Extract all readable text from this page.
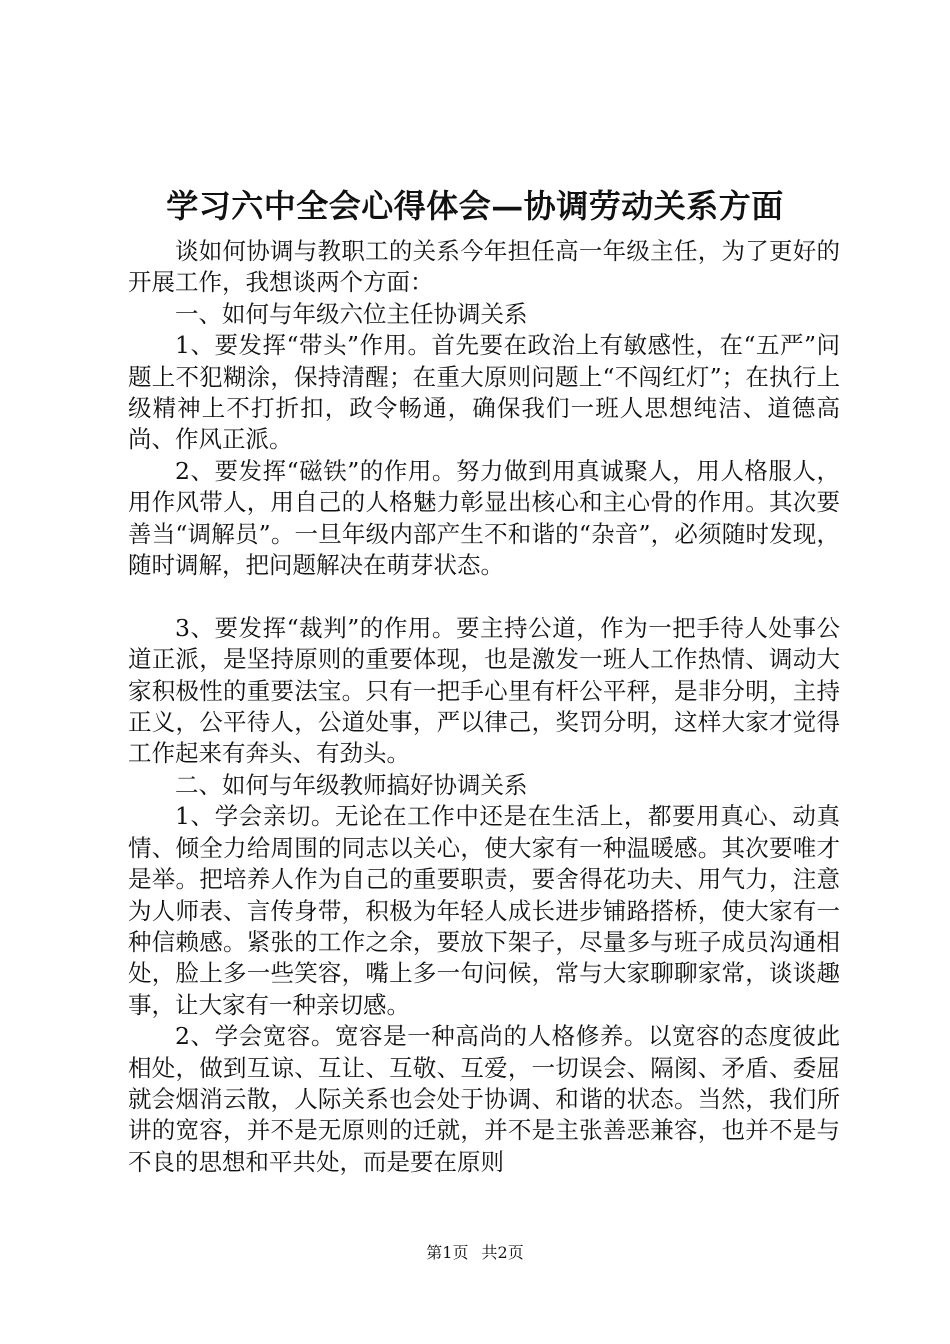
学习六中全会心得体会—协调劳动关系方面

谈如何协调与教职工的关系今年担任高一年级主任，为了更好的开展工作，我想谈两个方面：

一、如何与年级六位主任协调关系

1、要发挥“带头”作用。首先要在政治上有敏感性，在“五严”问题上不犯糊涂，保持清醒；在重大原则问题上“不闯红灯”；在执行上级精神上不打折扣，政令畅通，确保我们一班人思想纯洁、道德高尚、作风正派。

2、要发挥“磁铁”的作用。努力做到用真诚聚人，用人格服人，用作风带人，用自己的人格魅力彰显出核心和主心骨的作用。其次要善当“调解员”。一旦年级内部产生不和谐的“杂音”，必须随时发现，随时调解，把问题解决在萌芽状态。

3、要发挥“裁判”的作用。要主持公道，作为一把手待人处事公道正派，是坚持原则的重要体现，也是激发一班人工作热情、调动大家积极性的重要法宝。只有一把手心里有杆公平秤，是非分明，主持正义，公平待人，公道处事，严以律己，奖罚分明，这样大家才觉得工作起来有奔头、有劲头。

二、如何与年级教师搞好协调关系

1、学会亲切。无论在工作中还是在生活上，都要用真心、动真情、倾全力给周围的同志以关心，使大家有一种温暖感。其次要唯才是举。把培养人作为自己的重要职责，要舍得花功夫、用气力，注意为人师表、言传身带，积极为年轻人成长进步铺路搭桥，使大家有一种信赖感。紧张的工作之余，要放下架子，尽量多与班子成员沟通相处，脸上多一些笑容，嘴上多一句问候，常与大家聊聊家常，谈谈趣事，让大家有一种亲切感。

2、学会宽容。宽容是一种高尚的人格修养。以宽容的态度彼此相处，做到互谅、互让、互敬、互爱，一切误会、隔阂、矛盾、委屈就会烟消云散，人际关系也会处于协调、和谐的状态。当然，我们所讲的宽容，并不是无原则的迁就，并不是主张善恶兼容，也并不是与不良的思想和平共处，而是要在原则

第1页 共2页
